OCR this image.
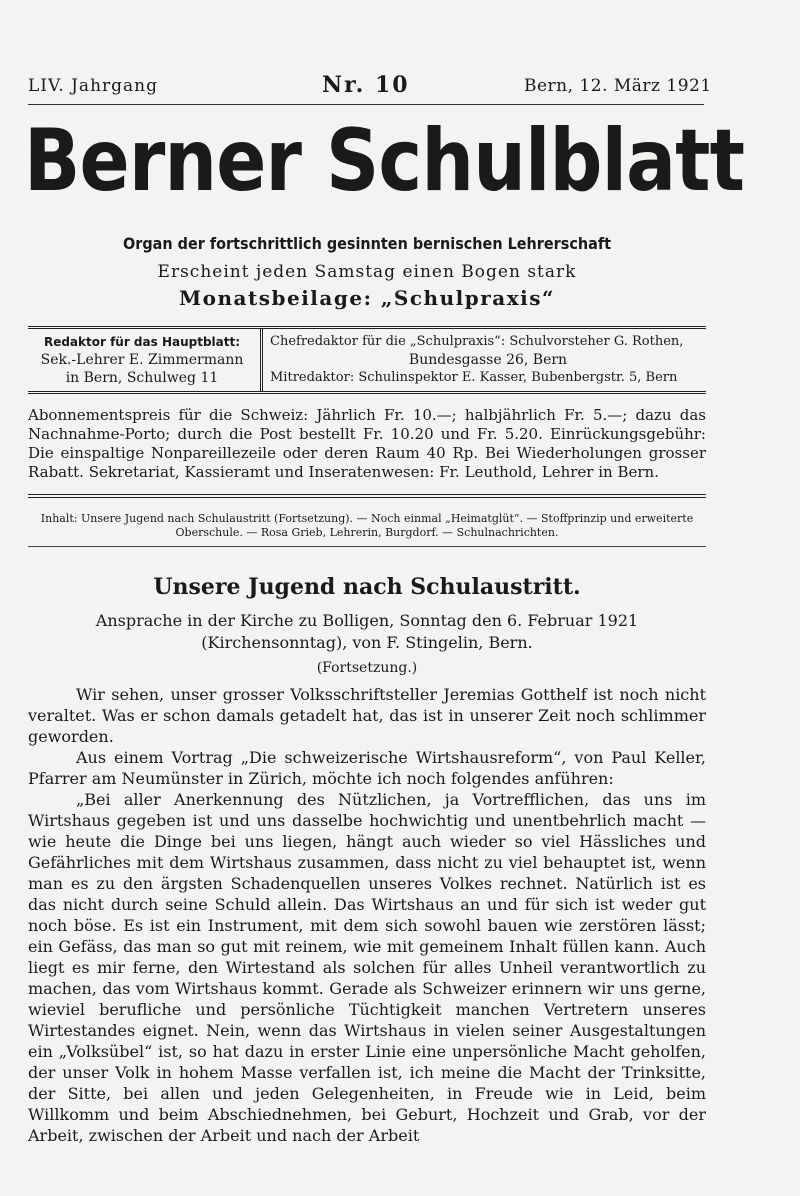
LIV. Jahrgang	Nr. 10	Bern, 12. März 1921
Berner Schulblatt
Organ der fortschrittlich gesinnten bernischen Lehrerschaft
Erscheint jeden Samstag einen Bogen stark
Monatsbeilage: „Schulpraxis“
Redaktor für das Hauptblatt:
Sek.-Lehrer E. Zimmermann
in Bern, Schulweg 11
Chefredaktor für die „Schulpraxis“: Schulvorsteher G. Rothen,
Bundesgasse 26, Bern
Mitredaktor: Schulinspektor E. Kasser, Bubenbergstr. 5, Bern

Abonnementspreis für die Schweiz: Jährlich Fr. 10.—; halbjährlich Fr. 5.—; dazu das Nachnahme-Porto; durch die Post bestellt Fr. 10.20 und Fr. 5.20. Einrückungsgebühr: Die einspaltige Nonpareillezeile oder deren Raum 40 Rp. Bei Wiederholungen grosser Rabatt. Sekretariat, Kassieramt und Inseratenwesen: Fr. Leuthold, Lehrer in Bern.

Inhalt: Unsere Jugend nach Schulaustritt (Fortsetzung). — Noch einmal „Heimatglüt“. — Stoffprinzip und erweiterte Oberschule. — Rosa Grieb, Lehrerin, Burgdorf. — Schulnachrichten.
Unsere Jugend nach Schulaustritt.
Ansprache in der Kirche zu Bolligen, Sonntag den 6. Februar 1921 (Kirchensonntag), von F. Stingelin, Bern.
(Fortsetzung.)

Wir sehen, unser grosser Volksschriftsteller Jeremias Gotthelf ist noch nicht veraltet. Was er schon damals getadelt hat, das ist in unserer Zeit noch schlimmer geworden.

Aus einem Vortrag „Die schweizerische Wirtshausreform“, von Paul Keller, Pfarrer am Neumünster in Zürich, möchte ich noch folgendes anführen:

„Bei aller Anerkennung des Nützlichen, ja Vortrefflichen, das uns im Wirtshaus gegeben ist und uns dasselbe hochwichtig und unentbehrlich macht — wie heute die Dinge bei uns liegen, hängt auch wieder so viel Hässliches und Gefährliches mit dem Wirtshaus zusammen, dass nicht zu viel behauptet ist, wenn man es zu den ärgsten Schadenquellen unseres Volkes rechnet. Natürlich ist es das nicht durch seine Schuld allein. Das Wirtshaus an und für sich ist weder gut noch böse. Es ist ein Instrument, mit dem sich sowohl bauen wie zerstören lässt; ein Gefäss, das man so gut mit reinem, wie mit gemeinem Inhalt füllen kann. Auch liegt es mir ferne, den Wirtestand als solchen für alles Unheil verantwortlich zu machen, das vom Wirtshaus kommt. Gerade als Schweizer erinnern wir uns gerne, wieviel berufliche und persönliche Tüchtigkeit manchen Vertretern unseres Wirtestandes eignet. Nein, wenn das Wirtshaus in vielen seiner Ausgestaltungen ein „Volksübel“ ist, so hat dazu in erster Linie eine unpersönliche Macht geholfen, der unser Volk in hohem Masse verfallen ist, ich meine die Macht der Trinksitte, der Sitte, bei allen und jeden Gelegenheiten, in Freude wie in Leid, beim Willkomm und beim Abschiednehmen, bei Geburt, Hochzeit und Grab, vor der Arbeit, zwischen der Arbeit und nach der Arbeit
